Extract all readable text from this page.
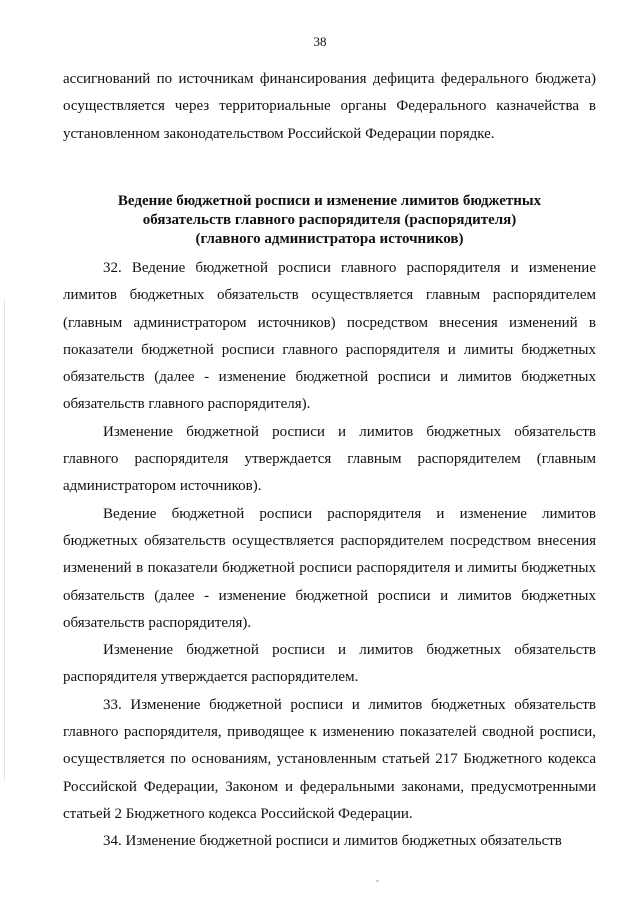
38
ассигнований по источникам финансирования дефицита федерального бюджета) осуществляется через территориальные органы Федерального казначейства в установленном законодательством Российской Федерации порядке.
Ведение бюджетной росписи и изменение лимитов бюджетных
обязательств главного распорядителя (распорядителя)
(главного администратора источников)

32. Ведение бюджетной росписи главного распорядителя и изменение лимитов бюджетных обязательств осуществляется главным распорядителем (главным администратором источников) посредством внесения изменений в показатели бюджетной росписи главного распорядителя и лимиты бюджетных обязательств (далее - изменение бюджетной росписи и лимитов бюджетных обязательств главного распорядителя).

Изменение бюджетной росписи и лимитов бюджетных обязательств главного распорядителя утверждается главным распорядителем (главным администратором источников).

Ведение бюджетной росписи распорядителя и изменение лимитов бюджетных обязательств осуществляется распорядителем посредством внесения изменений в показатели бюджетной росписи распорядителя и лимиты бюджетных обязательств (далее - изменение бюджетной росписи и лимитов бюджетных обязательств распорядителя).

Изменение бюджетной росписи и лимитов бюджетных обязательств распорядителя утверждается распорядителем.

33. Изменение бюджетной росписи и лимитов бюджетных обязательств главного распорядителя, приводящее к изменению показателей сводной росписи, осуществляется по основаниям, установленным статьей 217 Бюджетного кодекса Российской Федерации, Законом и федеральными законами, предусмотренными статьей 2 Бюджетного кодекса Российской Федерации.

34. Изменение бюджетной росписи и лимитов бюджетных обязательств
